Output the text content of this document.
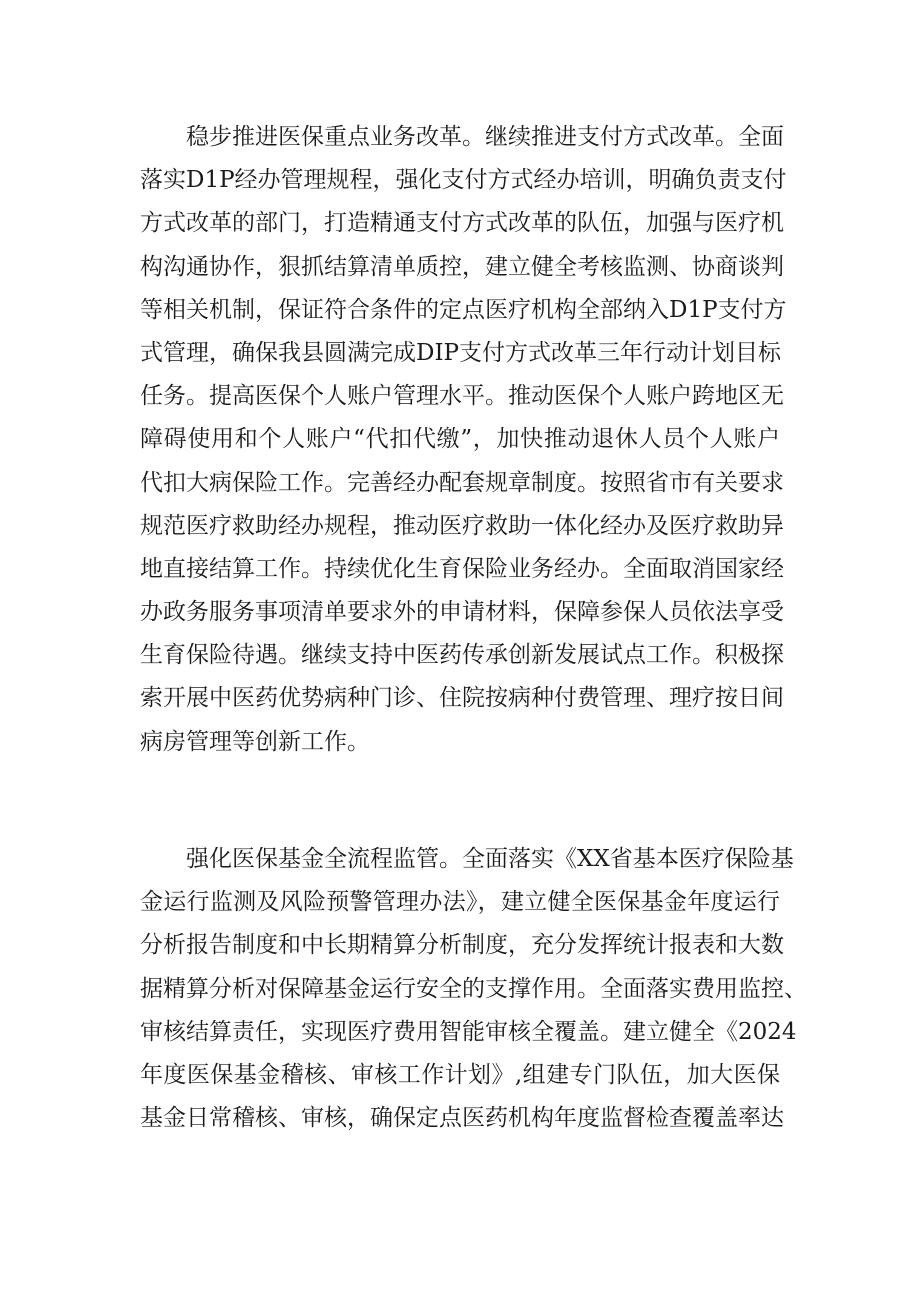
稳步推进医保重点业务改革。继续推进支付方式改革。全面
落实D1P经办管理规程，强化支付方式经办培训，明确负责支付
方式改革的部门，打造精通支付方式改革的队伍，加强与医疗机
构沟通协作，狠抓结算清单质控，建立健全考核监测、协商谈判
等相关机制，保证符合条件的定点医疗机构全部纳入D1P支付方
式管理，确保我县圆满完成DIP支付方式改革三年行动计划目标
任务。提高医保个人账户管理水平。推动医保个人账户跨地区无
障碍使用和个人账户“代扣代缴”，加快推动退休人员个人账户
代扣大病保险工作。完善经办配套规章制度。按照省市有关要求
规范医疗救助经办规程，推动医疗救助一体化经办及医疗救助异
地直接结算工作。持续优化生育保险业务经办。全面取消国家经
办政务服务事项清单要求外的申请材料，保障参保人员依法享受
生育保险待遇。继续支持中医药传承创新发展试点工作。积极探
索开展中医药优势病种门诊、住院按病种付费管理、理疗按日间
病房管理等创新工作。
强化医保基金全流程监管。全面落实《XX省基本医疗保险基
金运行监测及风险预警管理办法》，建立健全医保基金年度运行
分析报告制度和中长期精算分析制度，充分发挥统计报表和大数
据精算分析对保障基金运行安全的支撑作用。全面落实费用监控、
审核结算责任，实现医疗费用智能审核全覆盖。建立健全《2024
年度医保基金稽核、审核工作计划》,组建专门队伍，加大医保
基金日常稽核、审核，确保定点医药机构年度监督检查覆盖率达
